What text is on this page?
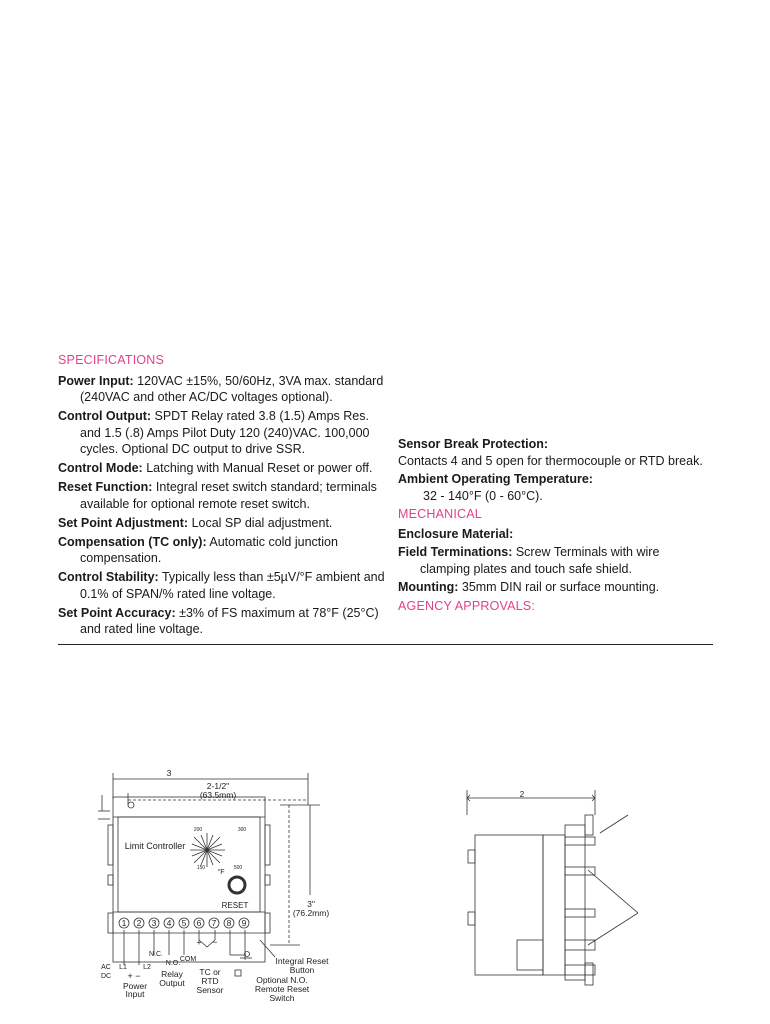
SPECIFICATIONS
Power Input: 120VAC ±15%, 50/60Hz, 3VA max. standard (240VAC and other AC/DC voltages optional).
Control Output: SPDT Relay rated 3.8 (1.5) Amps Res. and 1.5 (.8) Amps Pilot Duty 120 (240)VAC. 100,000 cycles. Optional DC output to drive SSR.
Control Mode: Latching with Manual Reset or power off.
Reset Function: Integral reset switch standard; terminals available for optional remote reset switch.
Set Point Adjustment: Local SP dial adjustment.
Compensation (TC only): Automatic cold junction compensation.
Control Stability: Typically less than ±5µV/°F ambient and 0.1% of SPAN/% rated line voltage.
Set Point Accuracy: ±3% of FS maximum at 78°F (25°C) and rated line voltage.
Sensor Break Protection:
Contacts 4 and 5 open for thermocouple or RTD break.
Ambient Operating Temperature:
32 - 140°F (0 - 60°C).
MECHANICAL
Enclosure Material:
Field Terminations: Screw Terminals with wire clamping plates and touch safe shield.
Mounting: 35mm DIN rail or surface mounting.
AGENCY APPROVALS:
3
2-1/2"
(63.5mm)
3"
(76.2mm)
Limit Controller
200	300
150	500
°F
RESET
1 2 3 4 5 6 7 8 9
+ −
N.C.
N.O.
COM
AC
DC
L1 L2
+ −
Power
Input
Relay
Output
TC or
RTD
Sensor
Integral Reset
Button
Optional N.O.
Remote Reset
Switch
2
